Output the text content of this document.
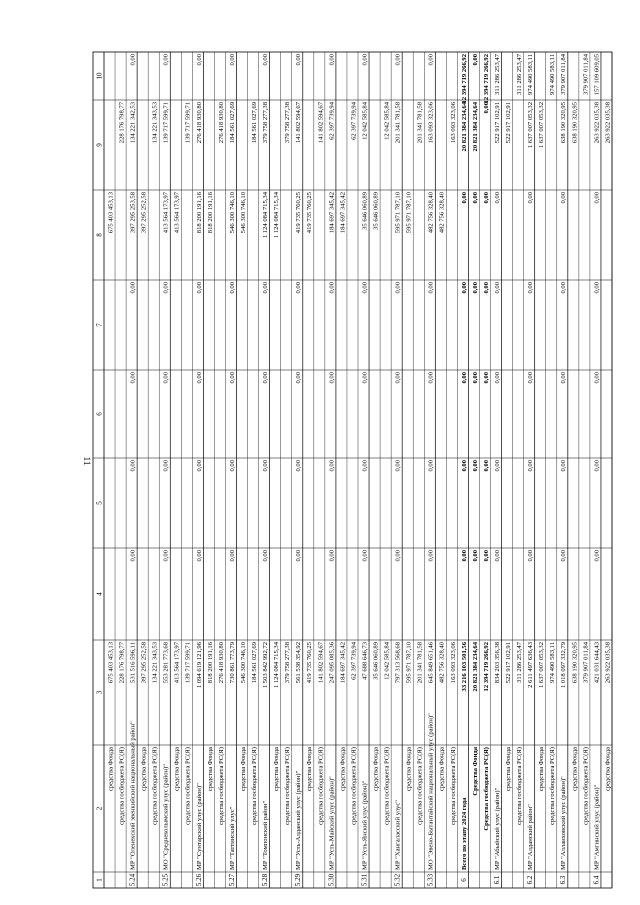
11
1
2
3
4
5
6
7
8
9
10
средства Фонда
675 403 453,13
675 403 453,13
средства госбюджета РС(Я)
228 176 798,77
228 176 798,77
5.24
МР "Оленекский эвенкийский национальный район"
531 516 596,11
0,00
0,00
0,00
0,00
397 295 253,58
134 221 342,53
0,00
средства Фонда
397 295 252,58
397 295 252,58
средства госбюджета РС(Я)
134 221 343,53
134 221 343,53
5.25
МО "Среднеколымский улус (район)"
553 281 773,68
0,00
0,00
0,00
0,00
413 564 173,97
139 717 599,71
0,00
средства Фонда
413 564 173,97
413 564 173,97
средства госбюджета РС(Я)
139 717 599,71
139 717 599,71
5.26
МР "Сунтарский улус (район)"
1 094 619 121,96
0,00
0,00
0,00
0,00
818 200 191,16
276 418 930,80
0,00
средства Фонда
818 200 191,16
818 200 191,16
средства госбюджета РС(Я)
276 418 930,80
276 418 930,80
5.27
МР "Таттинский улус"
730 861 773,79
0,00
0,00
0,00
0,00
546 300 746,10
184 561 027,69
0,00
средства Фонда
546 300 746,10
546 300 746,10
средства госбюджета РС(Я)
184 561 027,69
184 561 027,69
5.28
МР "Томпонский район"
1 503 842 992,72
0,00
0,00
0,00
0,00
1 124 084 715,34
379 758 277,38
0,00
средства Фонда
1 124 084 715,34
1 124 084 715,34
средства госбюджета РС(Я)
379 758 277,38
379 758 277,38
5.29
МР "Усть-Алданский улус (район)"
561 538 354,92
0,00
0,00
0,00
0,00
419 735 760,25
141 802 594,67
0,00
средства Фонда
419 735 760,25
419 735 760,25
средства госбюджета РС(Я)
141 802 594,67
141 802 594,67
5.30
МР "Усть-Майский улус (район)"
247 095 085,36
0,00
0,00
0,00
0,00
184 697 345,42
62 397 739,94
0,00
средства Фонда
184 697 345,42
184 697 345,42
средства госбюджета РС(Я)
62 397 739,94
62 397 739,94
5.31
МР "Усть-Янский улус (район)"
47 688 646,73
0,00
0,00
0,00
0,00
35 646 060,89
12 042 585,84
0,00
средства Фонда
35 646 060,89
35 646 060,89
средства госбюджета РС(Я)
12 042 585,84
12 042 585,84
5.32
МР "Хангаласский улус"
797 313 568,68
0,00
0,00
0,00
0,00
595 971 787,10
201 341 781,58
0,00
средства Фонда
595 971 787,10
595 971 787,10
средства госбюджета РС(Я)
201 341 781,58
201 341 781,58
5.33
МО "Эвено-Бытантайский национальный улус (район)"
645 849 651,46
0,00
0,00
0,00
0,00
482 756 328,40
163 093 323,06
0,00
средства Фонда
482 756 328,40
482 756 328,40
средства госбюджета РС(Я)
163 093 323,06
163 093 323,06
6
Всего по этапу 2024 года
33 216 103 501,56
0,00
0,00
0,00
0,00
0,00
20 821 384 234,64
12 394 719 266,92
Средства Фонда
20 821 384 234,64
0,00
0,00
0,00
0,00
0,00
20 821 384 234,64
0,00
Средства госбюджета РС(Я)
12 394 719 266,92
0,00
0,00
0,00
0,00
0,00
0,00
12 394 719 266,92
6.1
МР "Абыйский улус (район)"
834 203 356,38
0,00
0,00
0,00
0,00
0,00
522 917 102,91
311 286 253,47
средства Фонда
522 917 102,91
522 917 102,91
средства госбюджета РС(Я)
311 286 253,47
311 286 253,47
6.2
МР "Алданский район"
2 611 497 636,43
0,00
0,00
0,00
0,00
0,00
1 637 007 053,32
974 490 583,11
средства Фонда
1 637 007 053,32
1 637 007 053,32
средства госбюджета РС(Я)
974 490 583,11
974 490 583,11
6.3
МР "Аллаиховский улус (район)"
1 018 097 332,79
0,00
0,00
0,00
0,00
0,00
638 190 320,95
379 907 011,84
средства Фонда
638 190 320,95
638 190 320,95
средства госбюджета РС(Я)
379 907 011,84
379 907 011,84
6.4
МР "Амгинский улус (район)"
421 031 644,43
0,00
0,00
0,00
0,00
0,00
263 922 035,38
157 109 609,05
средства Фонда
263 922 035,38
263 922 035,38
